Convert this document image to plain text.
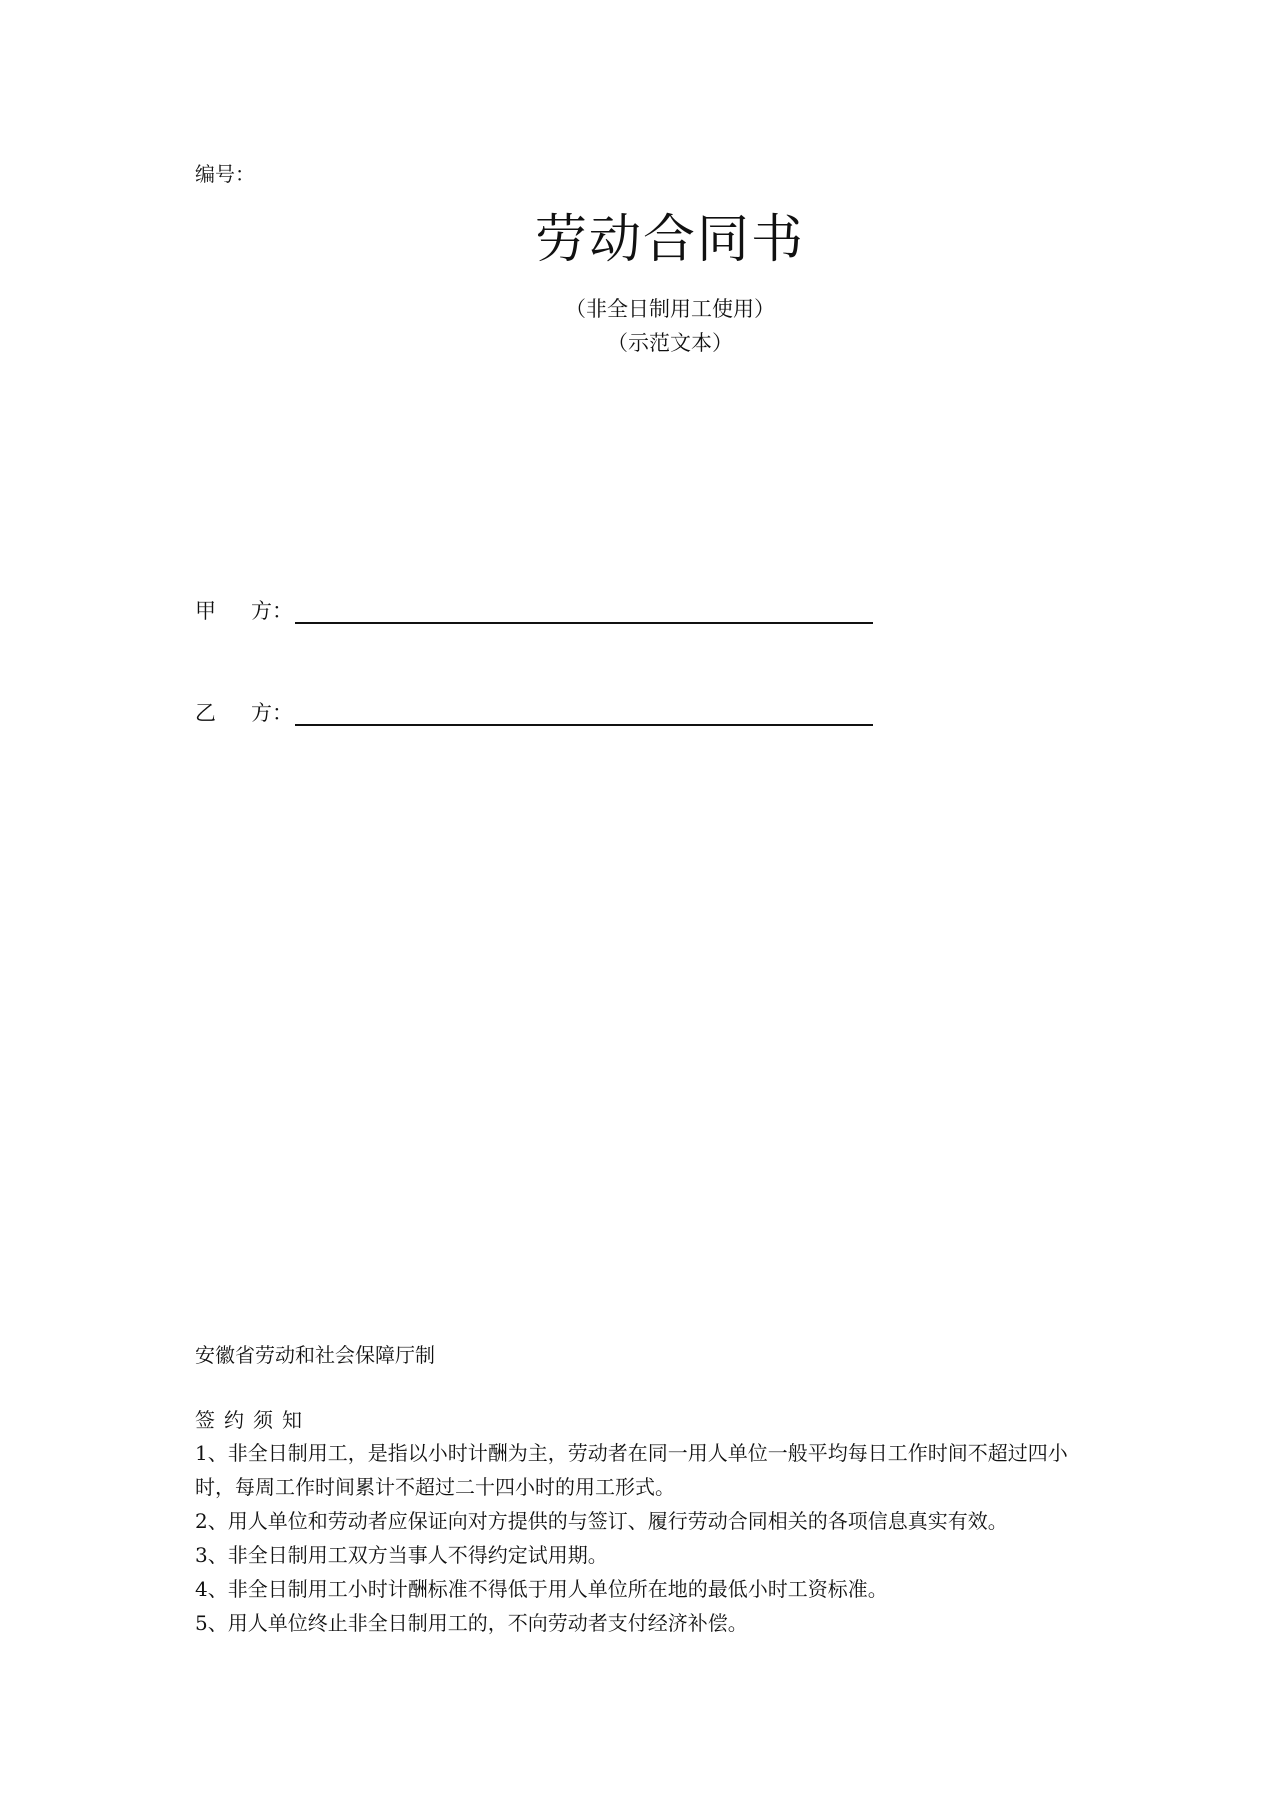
编号：
劳动合同书
（非全日制用工使用）
（示范文本）
甲	方：
乙	方：
安徽省劳动和社会保障厅制
签约须知

1、非全日制用工，是指以小时计酬为主，劳动者在同一用人单位一般平均每日工作时间不超过四小时，每周工作时间累计不超过二十四小时的用工形式。

2、用人单位和劳动者应保证向对方提供的与签订、履行劳动合同相关的各项信息真实有效。

3、非全日制用工双方当事人不得约定试用期。

4、非全日制用工小时计酬标准不得低于用人单位所在地的最低小时工资标准。

5、用人单位终止非全日制用工的，不向劳动者支付经济补偿。
